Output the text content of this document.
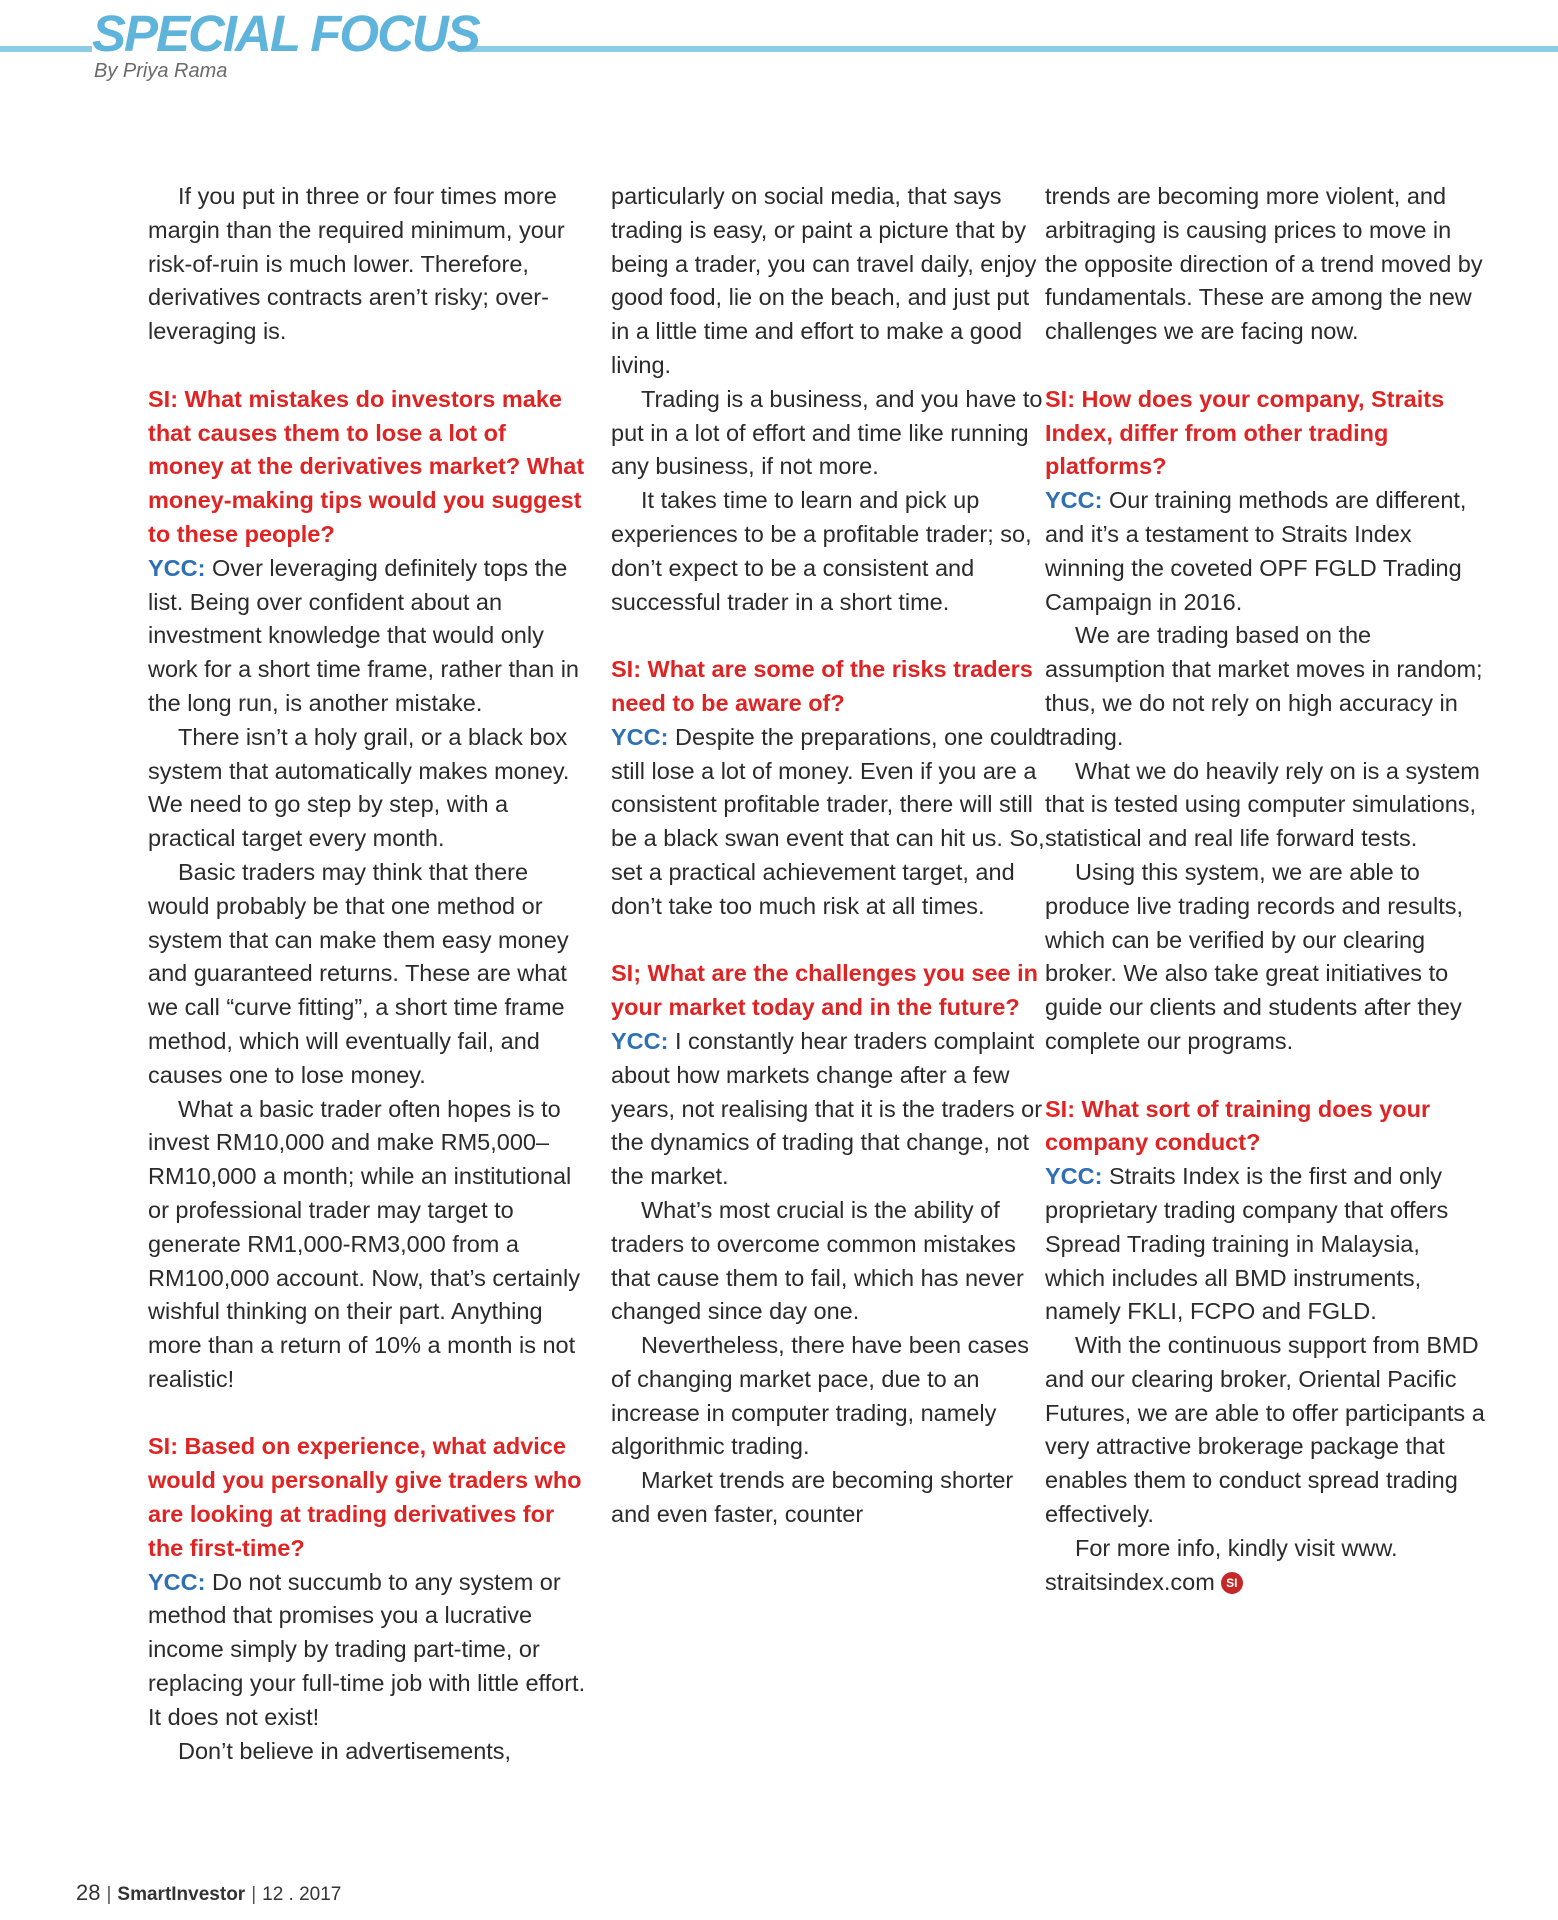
SPECIAL FOCUS
By Priya Rama

If you put in three or four times more margin than the required minimum, your risk-of-ruin is much lower. Therefore, derivatives contracts aren’t risky; over-leveraging is.

SI: What mistakes do investors make that causes them to lose a lot of money at the derivatives market? What money-making tips would you suggest to these people?

YCC: Over leveraging definitely tops the list. Being over confident about an investment knowledge that would only work for a short time frame, rather than in the long run, is another mistake.

There isn’t a holy grail, or a black box system that automatically makes money. We need to go step by step, with a practical target every month.

Basic traders may think that there would probably be that one method or system that can make them easy money and guaranteed returns. These are what we call “curve fitting”, a short time frame method, which will eventually fail, and causes one to lose money.

What a basic trader often hopes is to invest RM10,000 and make RM5,000–RM10,000 a month; while an institutional or professional trader may target to generate RM1,000-RM3,000 from a RM100,000 account. Now, that’s certainly wishful thinking on their part. Anything more than a return of 10% a month is not realistic!

SI: Based on experience, what advice would you personally give traders who are looking at trading derivatives for the first-time?

YCC: Do not succumb to any system or method that promises you a lucrative income simply by trading part-time, or replacing your full-time job with little effort. It does not exist!

Don’t believe in advertisements,

particularly on social media, that says trading is easy, or paint a picture that by being a trader, you can travel daily, enjoy good food, lie on the beach, and just put in a little time and effort to make a good living.

Trading is a business, and you have to put in a lot of effort and time like running any business, if not more.

It takes time to learn and pick up experiences to be a profitable trader; so, don’t expect to be a consistent and successful trader in a short time.

SI: What are some of the risks traders need to be aware of?

YCC: Despite the preparations, one could still lose a lot of money. Even if you are a consistent profitable trader, there will still be a black swan event that can hit us. So, set a practical achievement target, and don’t take too much risk at all times.

SI; What are the challenges you see in your market today and in the future?

YCC: I constantly hear traders complaint about how markets change after a few years, not realising that it is the traders or the dynamics of trading that change, not the market.

What’s most crucial is the ability of traders to overcome common mistakes that cause them to fail, which has never changed since day one.

Nevertheless, there have been cases of changing market pace, due to an increase in computer trading, namely algorithmic trading.

Market trends are becoming shorter and even faster, counter

trends are becoming more violent, and arbitraging is causing prices to move in the opposite direction of a trend moved by fundamentals. These are among the new challenges we are facing now.

SI: How does your company, Straits Index, differ from other trading platforms?

YCC: Our training methods are different, and it’s a testament to Straits Index winning the coveted OPF FGLD Trading Campaign in 2016.

We are trading based on the assumption that market moves in random; thus, we do not rely on high accuracy in trading.

What we do heavily rely on is a system that is tested using computer simulations, statistical and real life forward tests.

Using this system, we are able to produce live trading records and results, which can be verified by our clearing broker. We also take great initiatives to guide our clients and students after they complete our programs.

SI: What sort of training does your company conduct?

YCC: Straits Index is the first and only proprietary trading company that offers Spread Trading training in Malaysia, which includes all BMD instruments, namely FKLI, FCPO and FGLD.

With the continuous support from BMD and our clearing broker, Oriental Pacific Futures, we are able to offer participants a very attractive brokerage package that enables them to conduct spread trading effectively.

For more info, kindly visit www. straitsindex.com SI

28 | SmartInvestor | 12 . 2017
